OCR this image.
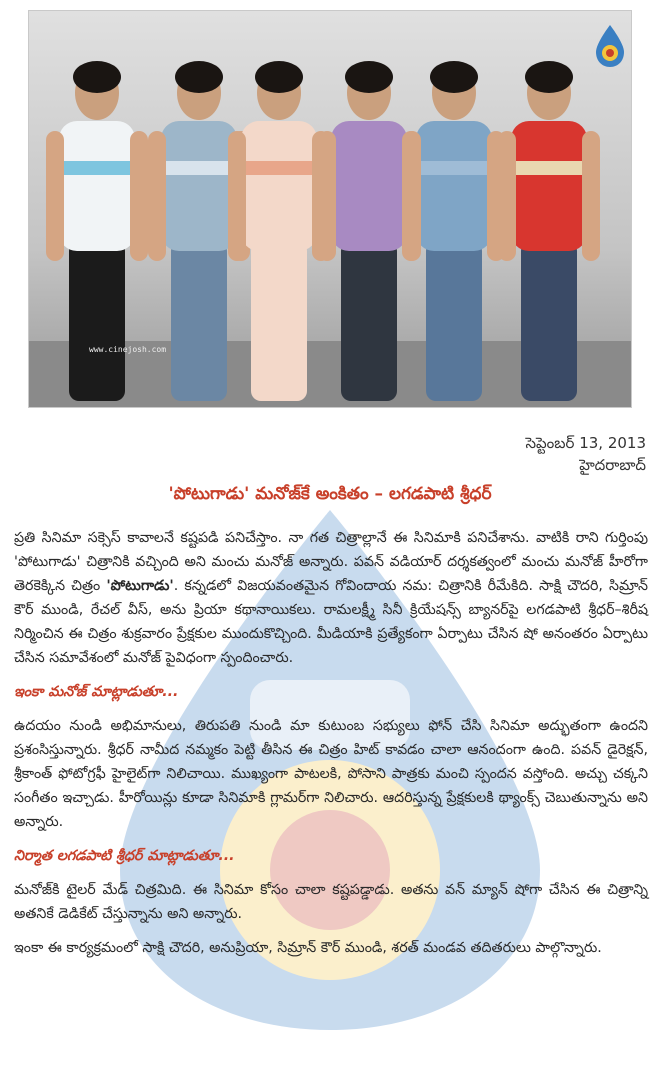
www.cinejosh.com
సెప్టెంబర్ 13, 2013
హైదరాబాద్
'పోటుగాడు' మనోజ్‌కే అంకితం – లగడపాటి శ్రీధర్

ప్రతి సినిమా సక్సెస్ కావాలనే కష్టపడి పనిచేస్తాం. నా గత చిత్రాల్లానే ఈ సినిమాకి పనిచేశాను. వాటికి రాని గుర్తింపు 'పోటుగాడు' చిత్రానికి వచ్చింది అని మంచు మనోజ్ అన్నారు. పవన్ వడియార్ దర్శకత్వంలో మంచు మనోజ్ హీరోగా తెరకెక్కిన చిత్రం 'పోటుగాడు'. కన్నడలో విజయవంతమైన గోవిందాయ నమ: చిత్రానికి రీమేకిది. సాక్షి చౌదరి, సిమ్రాన్ కౌర్ ముండి, రేచల్ వీస్, అను ప్రియా కథానాయికలు. రామలక్ష్మీ సినీ క్రియేషన్స్ బ్యానర్‌పై లగడపాటి శ్రీధర్–శిరీష నిర్మించిన ఈ చిత్రం శుక్రవారం ప్రేక్షకుల ముందుకొచ్చింది. మీడియాకి ప్రత్యేకంగా ఏర్పాటు చేసిన షో అనంతరం ఏర్పాటు చేసిన సమావేశంలో మనోజ్ పైవిధంగా స్పందించారు.

ఇంకా మనోజ్ మాట్లాడుతూ...

ఉదయం నుండి అభిమానులు, తిరుపతి నుండి మా కుటుంబ సభ్యులు ఫోన్ చేసి సినిమా అద్భుతంగా ఉందని ప్రశంసిస్తున్నారు. శ్రీధర్ నామీద నమ్మకం పెట్టి తీసిన ఈ చిత్రం హిట్ కావడం చాలా ఆనందంగా ఉంది. పవన్ డైరెక్షన్, శ్రీకాంత్ ఫోటోగ్రఫీ హైలైట్‌గా నిలిచాయి. ముఖ్యంగా పాటలకి, పోసాని పాత్రకు మంచి స్పందన వస్తోంది. అచ్చు చక్కని సంగీతం ఇచ్చాడు. హీరోయిన్లు కూడా సినిమాకి గ్లామర్‌గా నిలిచారు. ఆదరిస్తున్న ప్రేక్షకులకి థ్యాంక్స్ చెబుతున్నాను అని అన్నారు.

నిర్మాత లగడపాటి శ్రీధర్ మాట్లాడుతూ...

మనోజ్‌కి టైలర్ మేడ్ చిత్రమిది. ఈ సినిమా కోసం చాలా కష్టపడ్డాడు. అతను వన్ మ్యాన్ షోగా చేసిన ఈ చిత్రాన్ని అతనికే డెడికేట్ చేస్తున్నాను అని అన్నారు.

ఇంకా ఈ కార్యక్రమంలో సాక్షి చౌదరి, అనుప్రియా, సిమ్రాన్ కౌర్ ముండి, శరత్ మండవ తదితరులు పాల్గొన్నారు.
